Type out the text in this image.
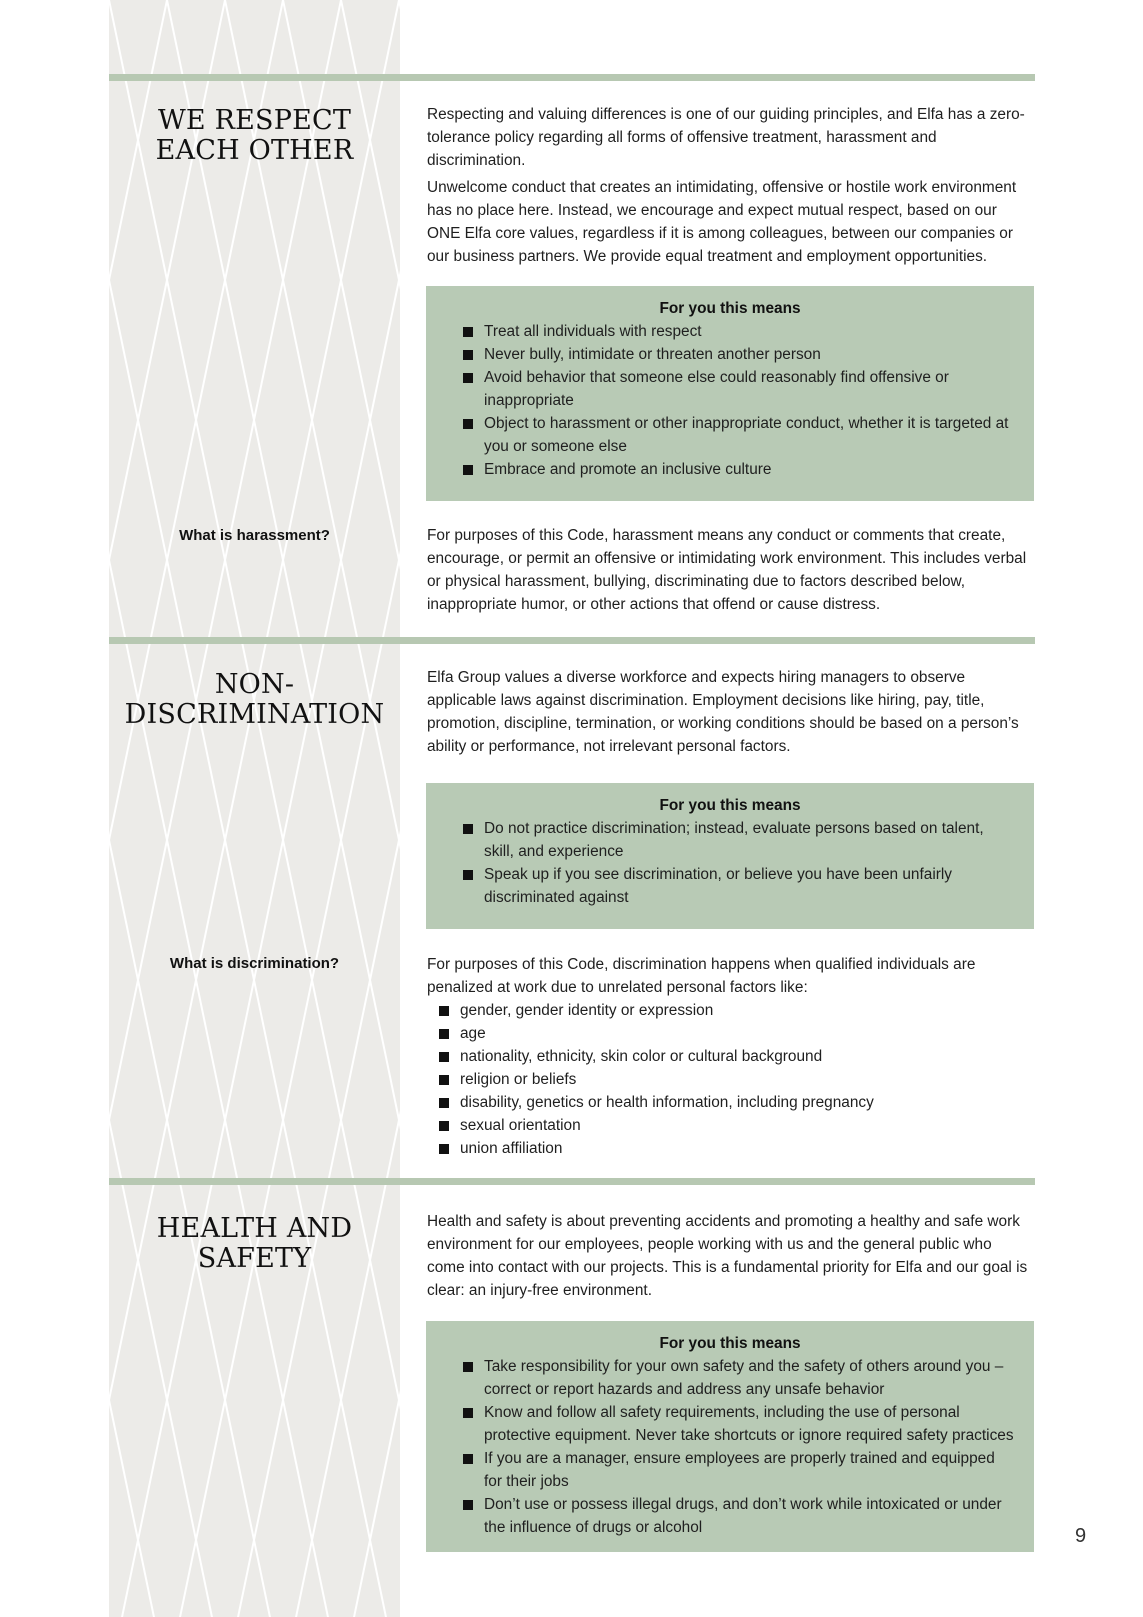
WE RESPECT
EACH OTHER

Respecting and valuing differences is one of our guiding principles, and Elfa has a zero-tolerance policy regarding all forms of offensive treatment, harassment and discrimination.

Unwelcome conduct that creates an intimidating, offensive or hostile work environment has no place here. Instead, we encourage and expect mutual respect, based on our ONE Elfa core values, regardless if it is among colleagues, between our companies or our business partners. We provide equal treatment and employment opportunities.

For you this means

Treat all individuals with respect
Never bully, intimidate or threaten another person
Avoid behavior that someone else could reasonably find offensive or inappropriate
Object to harassment or other inappropriate conduct, whether it is targeted at you or someone else
Embrace and promote an inclusive culture
What is harassment?	For purposes of this Code, harassment means any conduct or comments that create, encourage, or permit an offensive or intimidating work environment. This includes verbal or physical harassment, bullying, discriminating due to factors described below, inappropriate humor, or other actions that offend or cause distress.

NON-
DISCRIMINATION

Elfa Group values a diverse workforce and expects hiring managers to observe applicable laws against discrimination. Employment decisions like hiring, pay, title, promotion, discipline, termination, or working conditions should be based on a person’s ability or performance, not irrelevant personal factors.

For you this means

Do not practice discrimination; instead, evaluate persons based on talent, skill, and experience
Speak up if you see discrimination, or believe you have been unfairly discriminated against
What is discrimination?	For purposes of this Code, discrimination happens when qualified individuals are penalized at work due to unrelated personal factors like:

gender, gender identity or expression
age
nationality, ethnicity, skin color or cultural background
religion or beliefs
disability, genetics or health information, including pregnancy
sexual orientation
union affiliation
HEALTH AND
SAFETY

Health and safety is about preventing accidents and promoting a healthy and safe work environment for our employees, people working with us and the general public who come into contact with our projects. This is a fundamental priority for Elfa and our goal is clear: an injury-free environment.

For you this means

Take responsibility for your own safety and the safety of others around you – correct or report hazards and address any unsafe behavior
Know and follow all safety requirements, including the use of personal protective equipment. Never take shortcuts or ignore required safety practices
If you are a manager, ensure employees are properly trained and equipped for their jobs
Don’t use or possess illegal drugs, and don’t work while intoxicated or under the influence of drugs or alcohol	9
